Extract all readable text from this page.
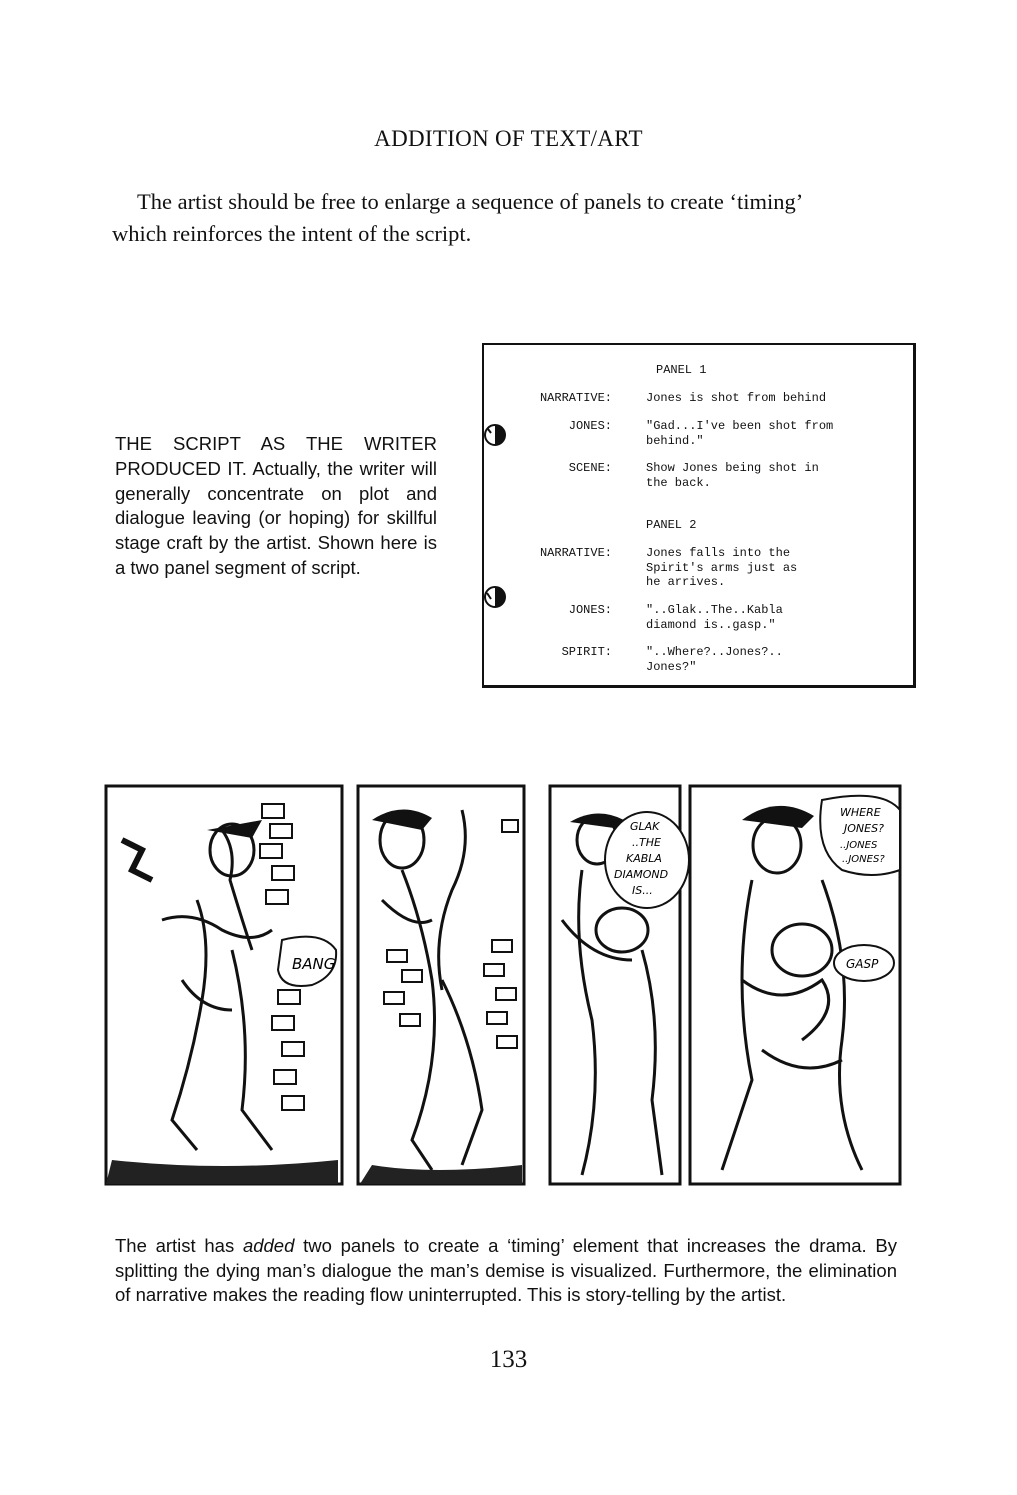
ADDITION OF TEXT/ART
The artist should be free to enlarge a sequence of panels to create ‘timing’
which reinforces the intent of the script.
THE SCRIPT AS THE WRITER PRODUCED IT. Actually, the writer will generally concentrate on plot and dialogue leaving (or hoping) for skillful stage craft by the artist. Shown here is a two panel segment of script.
PANEL 1
NARRATIVE:	Jones is shot from behind
JONES:	"Gad...I've been shot from
behind."
SCENE:	Show Jones being shot in
the back.
PANEL 2
NARRATIVE:	Jones falls into the
Spirit's arms just as
he arrives.
JONES:	"..Glak..The..Kabla
diamond is..gasp."
SPIRIT:	"..Where?..Jones?..
Jones?"
BANG
GLAK
..THE
KABLA
DIAMOND
IS...
WHERE
JONES?
..JONES
..JONES?
GASP
The artist has added two panels to create a ‘timing’ element that increases the drama. By splitting the dying man’s dialogue the man’s demise is visualized. Furthermore, the elimination of narrative makes the reading flow uninterrupted. This is story-telling by the artist.
133
